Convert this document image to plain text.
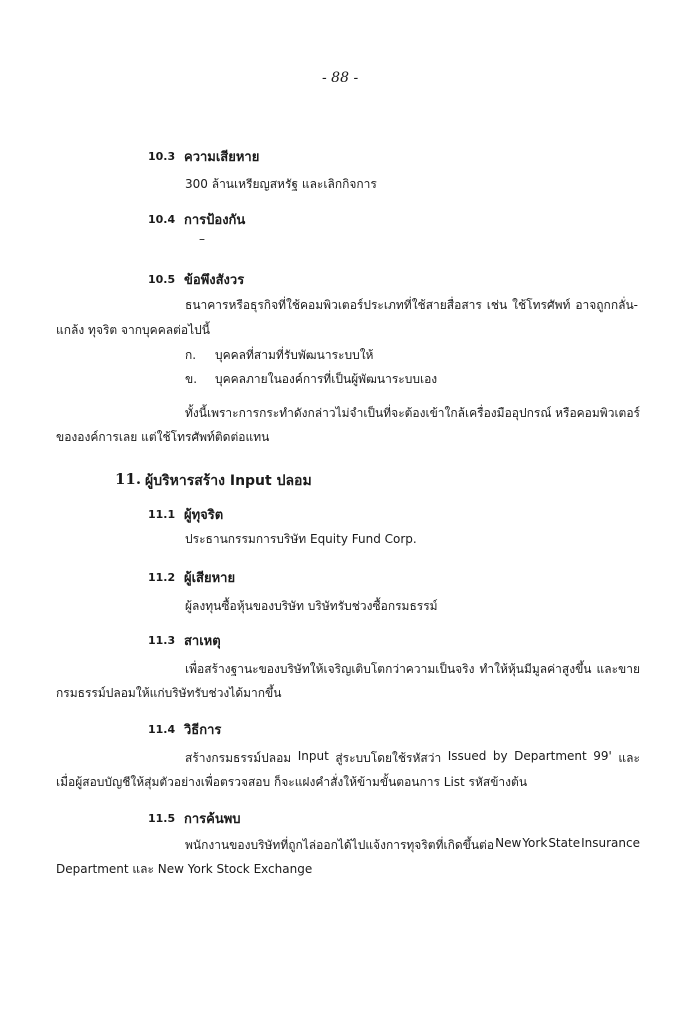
- 88 -
10.3 ความเสียหาย
300 ล้านเหรียญสหรัฐ และเลิกกิจการ
10.4 การป้องกัน
–
10.5 ข้อพึงสังวร
ธนาคารหรือธุรกิจที่ใช้คอมพิวเตอร์ประเภทที่ใช้สายสื่อสาร เช่น ใช้โทรศัพท์ อาจถูกกลั่น-
แกล้ง ทุจริต จากบุคคลต่อไปนี้
ก. บุคคลที่สามที่รับพัฒนาระบบให้
ข. บุคคลภายในองค์การที่เป็นผู้พัฒนาระบบเอง
ทั้งนี้เพราะการกระทำดังกล่าวไม่จำเป็นที่จะต้องเข้าใกล้เครื่องมืออุปกรณ์ หรือคอมพิวเตอร์
ขององค์การเลย แต่ใช้โทรศัพท์ติดต่อแทน
11. ผู้บริหารสร้าง Input ปลอม
11.1 ผู้ทุจริต
ประธานกรรมการบริษัท Equity Fund Corp.
11.2 ผู้เสียหาย
ผู้ลงทุนซื้อหุ้นของบริษัท บริษัทรับช่วงซื้อกรมธรรม์
11.3 สาเหตุ
เพื่อสร้างฐานะของบริษัทให้เจริญเติบโตกว่าความเป็นจริง ทำให้หุ้นมีมูลค่าสูงขึ้น และขาย
กรมธรรม์ปลอมให้แก่บริษัทรับช่วงได้มากขึ้น
11.4 วิธีการ
สร้างกรมธรรม์ปลอม Input สู่ระบบโดยใช้รหัสว่า Issued by Department 99' และ
เมื่อผู้สอบบัญชีให้สุ่มตัวอย่างเพื่อตรวจสอบ ก็จะแฝงคำสั่งให้ข้ามขั้นตอนการ List รหัสข้างต้น
11.5 การค้นพบ
พนักงานของบริษัทที่ถูกไล่ออกได้ไปแจ้งการทุจริตที่เกิดขึ้นต่อ New York State Insurance
Department และ New York Stock Exchange
